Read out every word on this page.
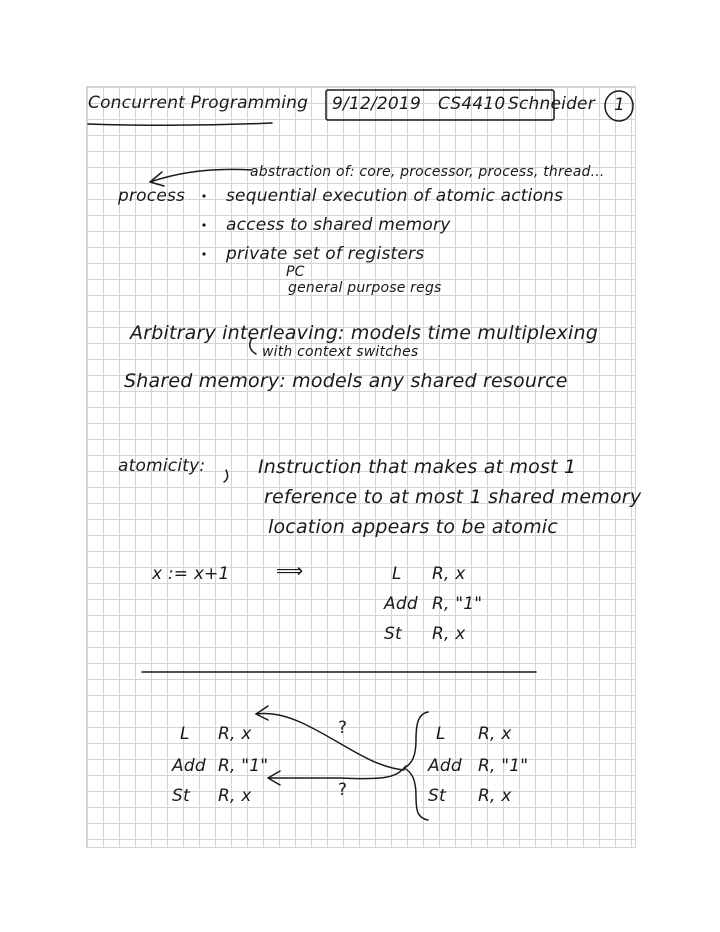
Concurrent Programming 9/12/2019 CS4410 Schneider 1
abstraction of: core, processor, process, thread...
process sequential execution of atomic actions
access to shared memory
private set of registers
PC
general purpose regs
Arbitrary interleaving: models time multiplexing
with context switches
Shared memory: models any shared resource
atomicity:	Instruction that makes at most 1
reference to at most 1 shared memory
location appears to be atomic
x := x+1 ⟹	L R, x
Add R, "1"
St R, x
L R, x
Add R, "1"
St R, x
L R, x
Add R, "1"
St R, x
?
?
